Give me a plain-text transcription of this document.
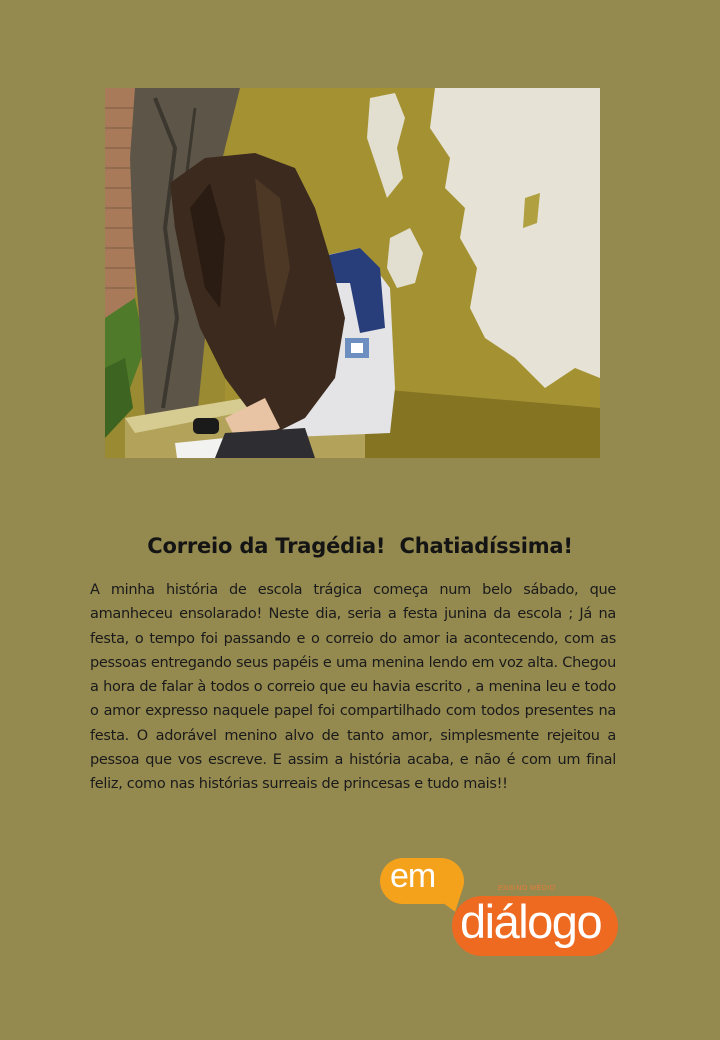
Correio da Tragédia!  Chatiadíssima!
A minha história de escola trágica começa num belo sábado, que amanheceu ensolarado! Neste dia, seria a festa junina da escola ; Já na festa, o tempo foi passando e o correio do amor ia acontecendo, com as pessoas entregando seus papéis e uma menina lendo em voz alta. Chegou a hora de falar à todos o correio que eu havia escrito , a menina leu e todo o amor expresso naquele papel foi compartilhado com todos presentes na festa. O adorável menino alvo de tanto amor, simplesmente rejeitou a pessoa que vos escreve. E assim a história acaba, e não é com um final feliz, como nas histórias surreais de princesas e tudo mais!!
em	ENSINO MÉDIO
diálogo
